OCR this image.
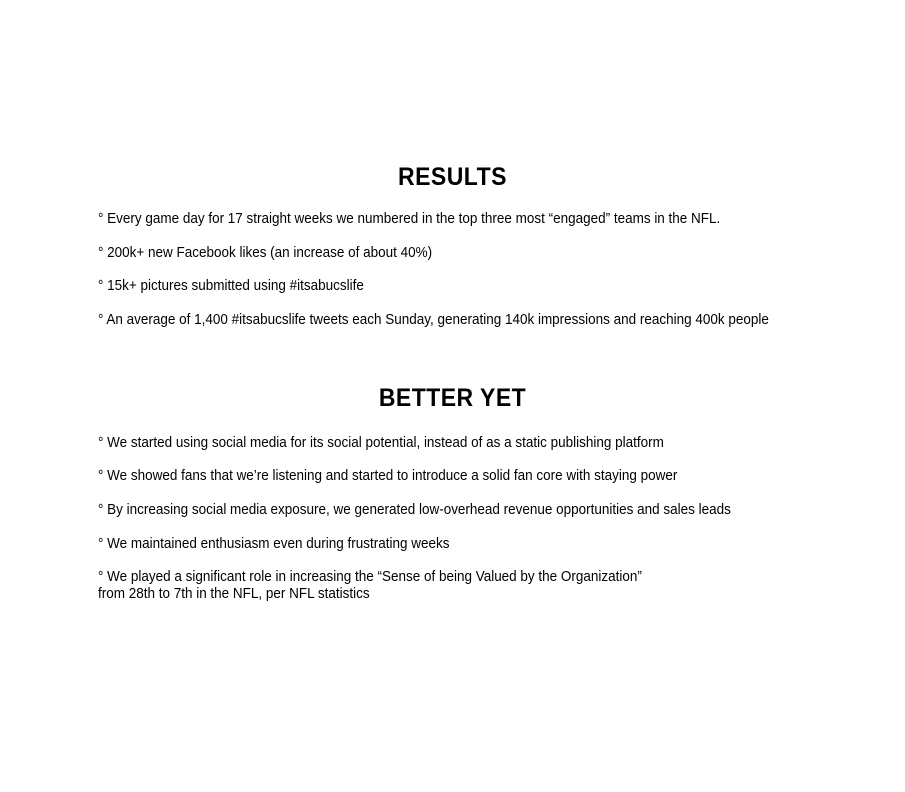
RESULTS
° Every game day for 17 straight weeks we numbered in the top three most “engaged” teams in the NFL.
° 200k+ new Facebook likes (an increase of about 40%)
° 15k+ pictures submitted using #itsabucslife
° An average of 1,400 #itsabucslife tweets each Sunday, generating 140k impressions and reaching 400k people
BETTER YET
° We started using social media for its social potential, instead of as a static publishing platform
° We showed fans that we’re listening and started to introduce a solid fan core with staying power
° By increasing social media exposure, we generated low-overhead revenue opportunities and sales leads
° We maintained enthusiasm even during frustrating weeks
° We played a significant role in increasing the “Sense of being Valued by the Organization”
from 28th to 7th in the NFL, per NFL statistics
